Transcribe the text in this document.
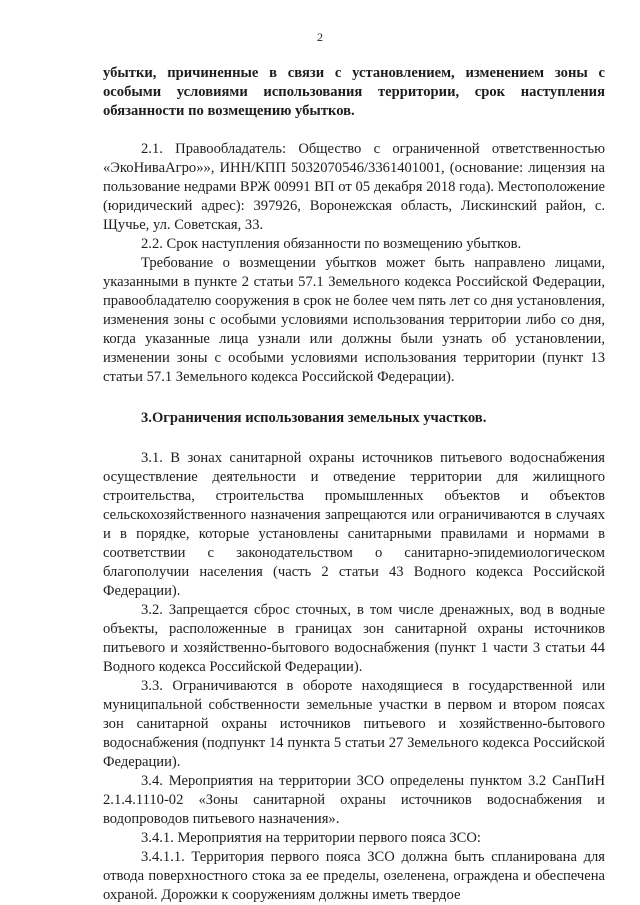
2

убытки, причиненные в связи с установлением, изменением зоны с особыми условиями использования территории, срок наступления обязанности по возмещению убытков.

2.1. Правообладатель: Общество с ограниченной ответственностью «ЭкоНиваАгро»», ИНН/КПП 5032070546/3361401001, (основание: лицензия на пользование недрами ВРЖ 00991 ВП от 05 декабря 2018 года). Местоположение (юридический адрес): 397926, Воронежская область, Лискинский район, с. Щучье, ул. Советская, 33.

2.2. Срок наступления обязанности по возмещению убытков.

Требование о возмещении убытков может быть направлено лицами, указанными в пункте 2 статьи 57.1 Земельного кодекса Российской Федерации, правообладателю сооружения в срок не более чем пять лет со дня установления, изменения зоны с особыми условиями использования территории либо со дня, когда указанные лица узнали или должны были узнать об установлении, изменении зоны с особыми условиями использования территории (пункт 13 статьи 57.1 Земельного кодекса Российской Федерации).

3.Ограничения использования земельных участков.

3.1. В зонах санитарной охраны источников питьевого водоснабжения осуществление деятельности и отведение территории для жилищного строительства, строительства промышленных объектов и объектов сельскохозяйственного назначения запрещаются или ограничиваются в случаях и в порядке, которые установлены санитарными правилами и нормами в соответствии с законодательством о санитарно-эпидемиологическом благополучии населения (часть 2 статьи 43 Водного кодекса Российской Федерации).

3.2. Запрещается сброс сточных, в том числе дренажных, вод в водные объекты, расположенные в границах зон санитарной охраны источников питьевого и хозяйственно-бытового водоснабжения (пункт 1 части 3 статьи 44 Водного кодекса Российской Федерации).

3.3. Ограничиваются в обороте находящиеся в государственной или муниципальной собственности земельные участки в первом и втором поясах зон санитарной охраны источников питьевого и хозяйственно-бытового водоснабжения (подпункт 14 пункта 5 статьи 27 Земельного кодекса Российской Федерации).

3.4. Мероприятия на территории ЗСО определены пунктом 3.2 СанПиН 2.1.4.1110-02 «Зоны санитарной охраны источников водоснабжения и водопроводов питьевого назначения».

3.4.1. Мероприятия на территории первого пояса ЗСО:

3.4.1.1. Территория первого пояса ЗСО должна быть спланирована для отвода поверхностного стока за ее пределы, озеленена, ограждена и обеспечена охраной. Дорожки к сооружениям должны иметь твердое
